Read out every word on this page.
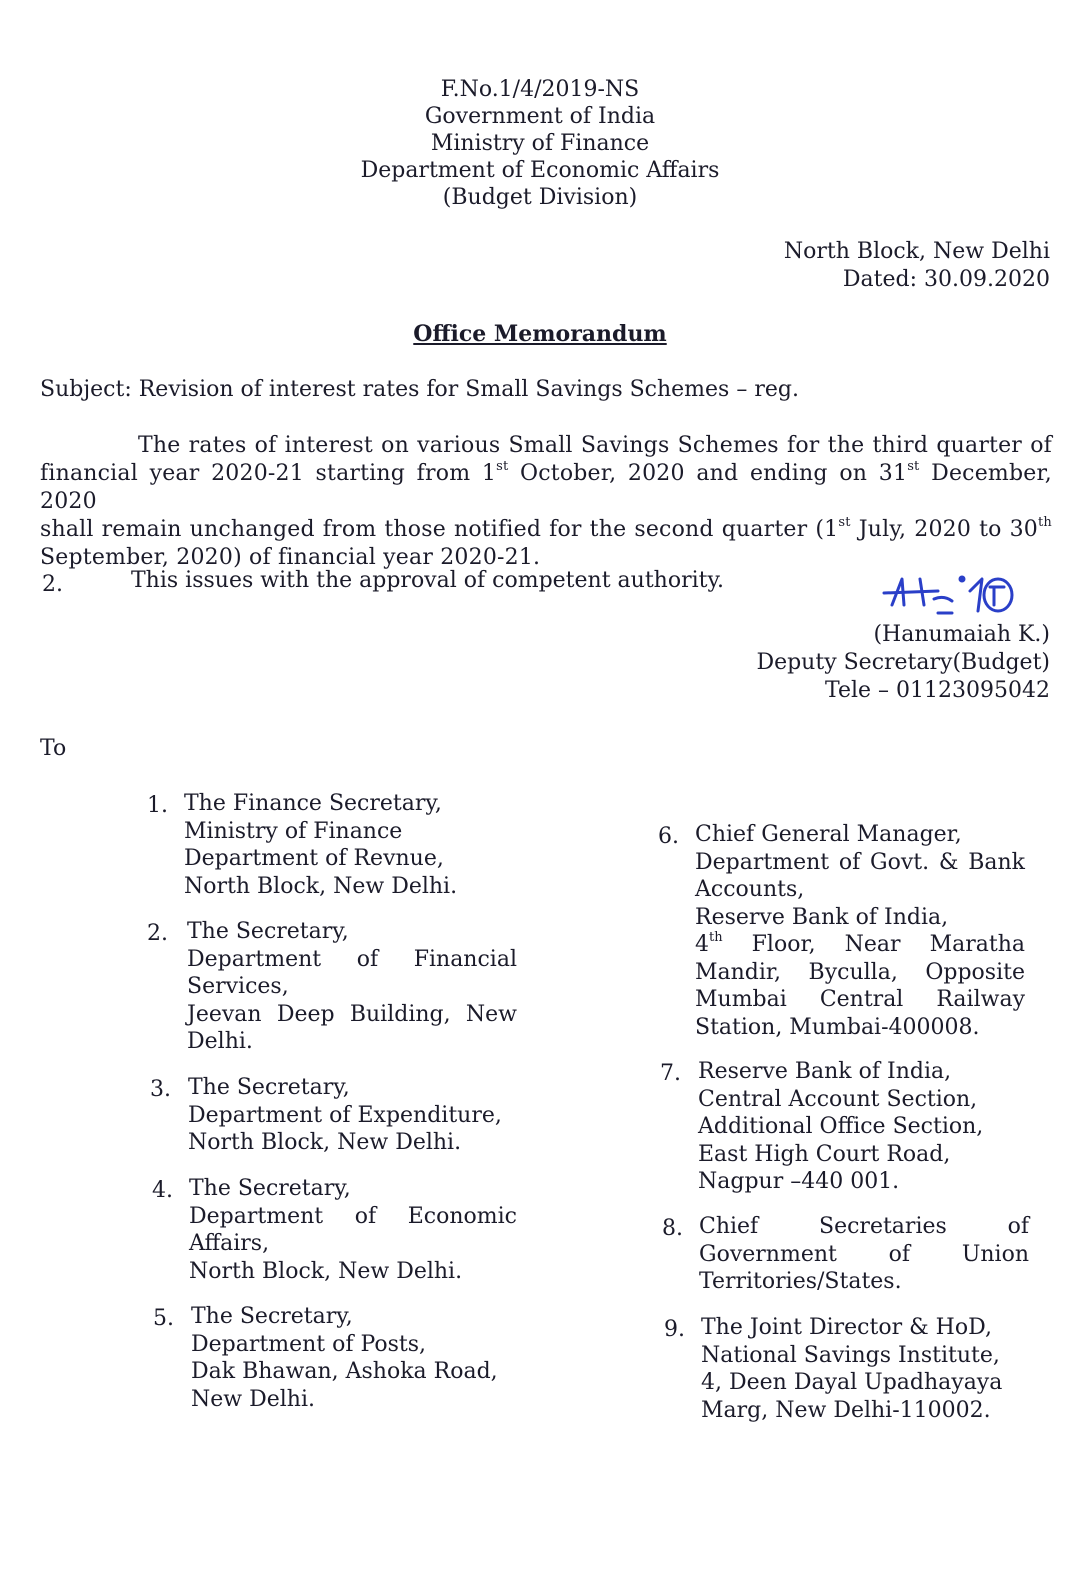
F.No.1/4/2019-NS
Government of India
Ministry of Finance
Department of Economic Affairs
(Budget Division)
North Block, New Delhi
Dated: 30.09.2020
Office Memorandum
Subject: Revision of interest rates for Small Savings Schemes – reg.
The rates of interest on various Small Savings Schemes for the third quarter of
financial year 2020-21 starting from 1st October, 2020 and ending on 31st December, 2020
shall remain unchanged from those notified for the second quarter (1st July, 2020 to 30th
September, 2020) of financial year 2020-21.
2.	This issues with the approval of competent authority.
(Hanumaiah K.)
Deputy Secretary(Budget)
Tele – 01123095042
To
1. The Finance Secretary,
Ministry of Finance
Department of Revnue,
North Block, New Delhi.
2. The Secretary,
Department of Financial
Services,
Jeevan Deep Building, New
Delhi.
3. The Secretary,
Department of Expenditure,
North Block, New Delhi.
4. The Secretary,
Department of Economic
Affairs,
North Block, New Delhi.
5. The Secretary,
Department of Posts,
Dak Bhawan, Ashoka Road,
New Delhi.
6. Chief General Manager,
Department of Govt. & Bank
Accounts,
Reserve Bank of India,
4th Floor, Near Maratha
Mandir, Byculla, Opposite
Mumbai Central Railway
Station, Mumbai-400008.
7. Reserve Bank of India,
Central Account Section,
Additional Office Section,
East High Court Road,
Nagpur –440 001.
8. Chief	Secretaries	of
Government of Union
Territories/States.
9. The Joint Director & HoD,
National Savings Institute,
4, Deen Dayal Upadhayaya
Marg, New Delhi-110002.
